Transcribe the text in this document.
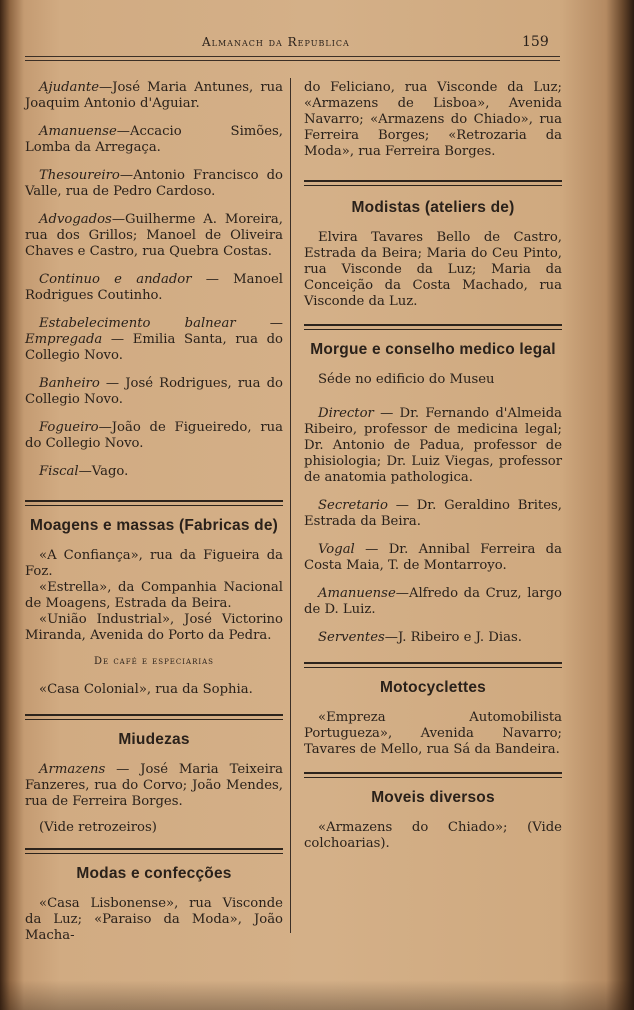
Almanach da Republica	159

Ajudante—José Maria Antunes, rua Joaquim Antonio d'Aguiar.

Amanuense—Accacio Simões, Lomba da Arregaça.

Thesoureiro—Antonio Francisco do Valle, rua de Pedro Cardoso.

Advogados—Guilherme A. Moreira, rua dos Grillos; Manoel de Oliveira Chaves e Castro, rua Quebra Costas.

Continuo e andador — Manoel Rodrigues Coutinho.

Estabelecimento balnear — Empregada — Emilia Santa, rua do Collegio Novo.

Banheiro — José Rodrigues, rua do Collegio Novo.

Fogueiro—João de Figueiredo, rua do Collegio Novo.

Fiscal—Vago.

Moagens e massas (Fabricas de)

«A Confiança», rua da Figueira da Foz.

«Estrella», da Companhia Nacional de Moagens, Estrada da Beira.

«União Industrial», José Victorino Miranda, Avenida do Porto da Pedra.

De café e especiarias

«Casa Colonial», rua da Sophia.

Miudezas

Armazens — José Maria Teixeira Fanzeres, rua do Corvo; João Mendes, rua de Ferreira Borges.

(Vide retrozeiros)

Modas e confecções

«Casa Lisbonense», rua Visconde da Luz; «Paraiso da Moda», João Macha-

do Feliciano, rua Visconde da Luz; «Armazens de Lisboa», Avenida Navarro; «Armazens do Chiado», rua Ferreira Borges; «Retrozaria da Moda», rua Ferreira Borges.

Modistas (ateliers de)

Elvira Tavares Bello de Castro, Estrada da Beira; Maria do Ceu Pinto, rua Visconde da Luz; Maria da Conceição da Costa Machado, rua Visconde da Luz.

Morgue e conselho medico legal

Séde no edificio do Museu

Director — Dr. Fernando d'Almeida Ribeiro, professor de medicina legal; Dr. Antonio de Padua, professor de phisiologia; Dr. Luiz Viegas, professor de anatomia pathologica.

Secretario — Dr. Geraldino Brites, Estrada da Beira.

Vogal — Dr. Annibal Ferreira da Costa Maia, T. de Montarroyo.

Amanuense—Alfredo da Cruz, largo de D. Luiz.

Serventes—J. Ribeiro e J. Dias.

Motocyclettes

«Empreza Automobilista Portugueza», Avenida Navarro; Tavares de Mello, rua Sá da Bandeira.

Moveis diversos

«Armazens do Chiado»; (Vide colchoarias).
